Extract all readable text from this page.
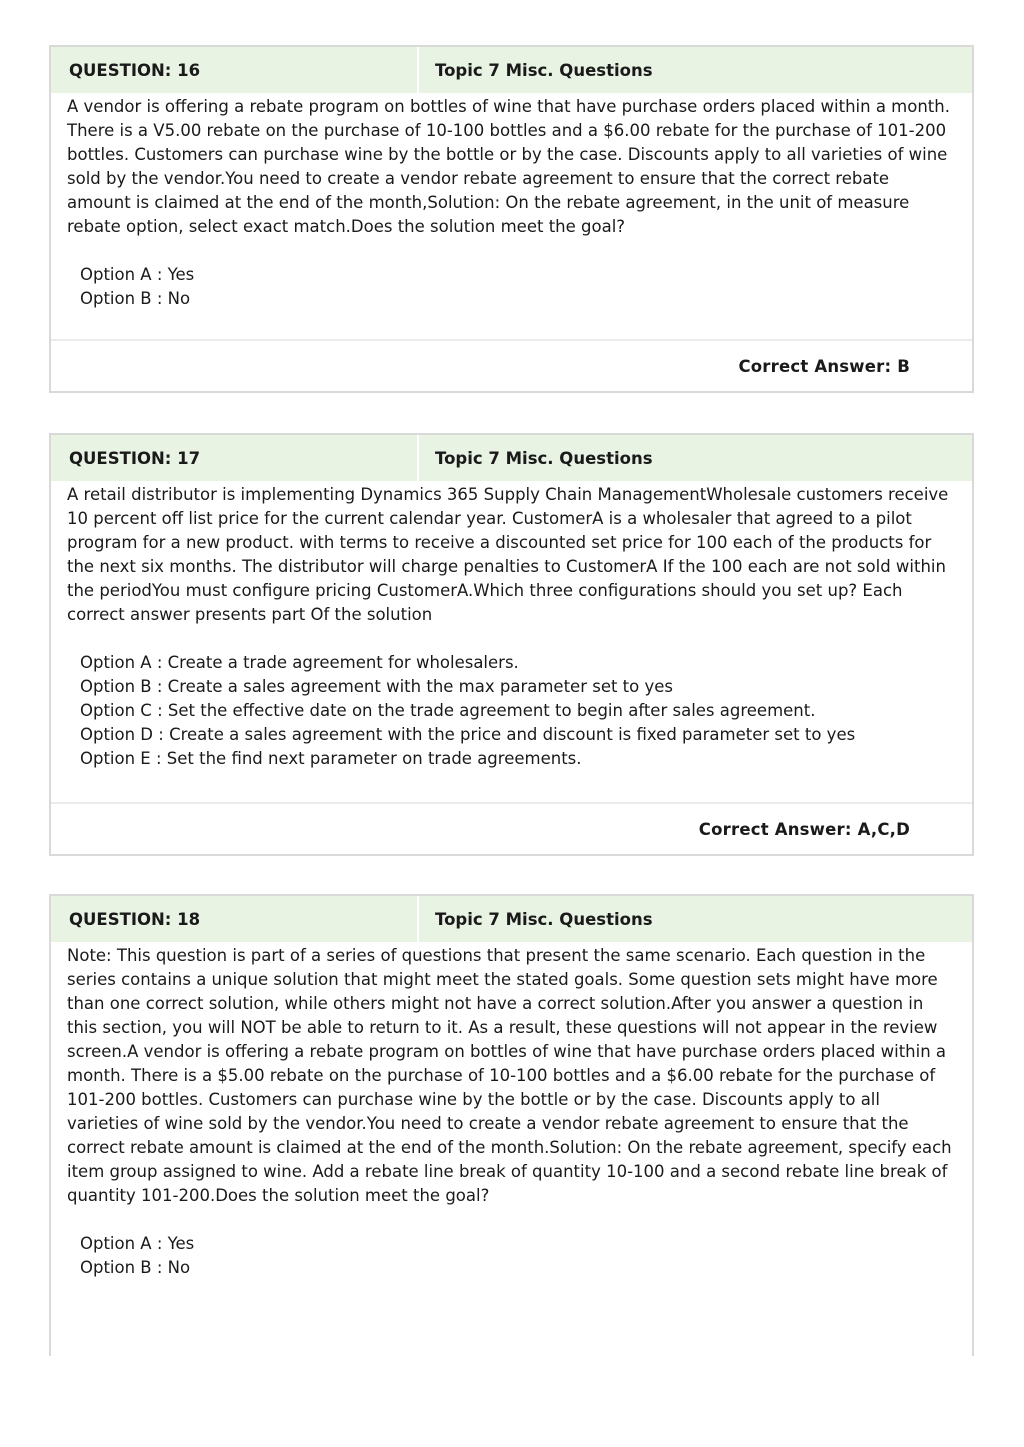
QUESTION: 16	Topic 7 Misc. Questions

A vendor is offering a rebate program on bottles of wine that have purchase orders placed within a month. There is a V5.00 rebate on the purchase of 10-100 bottles and a $6.00 rebate for the purchase of 101-200 bottles. Customers can purchase wine by the bottle or by the case. Discounts apply to all varieties of wine sold by the vendor.You need to create a vendor rebate agreement to ensure that the correct rebate amount is claimed at the end of the month,Solution: On the rebate agreement, in the unit of measure rebate option, select exact match.Does the solution meet the goal?

Option A : Yes
Option B : No
Correct Answer: B
QUESTION: 17	Topic 7 Misc. Questions

A retail distributor is implementing Dynamics 365 Supply Chain ManagementWholesale customers receive 10 percent off list price for the current calendar year. CustomerA is a wholesaler that agreed to a pilot program for a new product. with terms to receive a discounted set price for 100 each of the products for the next six months. The distributor will charge penalties to CustomerA If the 100 each are not sold within the periodYou must configure pricing CustomerA.Which three configurations should you set up? Each correct answer presents part Of the solution

Option A : Create a trade agreement for wholesalers.
Option B : Create a sales agreement with the max parameter set to yes
Option C : Set the effective date on the trade agreement to begin after sales agreement.
Option D : Create a sales agreement with the price and discount is fixed parameter set to yes
Option E : Set the find next parameter on trade agreements.
Correct Answer: A,C,D
QUESTION: 18	Topic 7 Misc. Questions

Note: This question is part of a series of questions that present the same scenario. Each question in the series contains a unique solution that might meet the stated goals. Some question sets might have more than one correct solution, while others might not have a correct solution.After you answer a question in this section, you will NOT be able to return to it. As a result, these questions will not appear in the review screen.A vendor is offering a rebate program on bottles of wine that have purchase orders placed within a month. There is a $5.00 rebate on the purchase of 10-100 bottles and a $6.00 rebate for the purchase of 101-200 bottles. Customers can purchase wine by the bottle or by the case. Discounts apply to all varieties of wine sold by the vendor.You need to create a vendor rebate agreement to ensure that the correct rebate amount is claimed at the end of the month.Solution: On the rebate agreement, specify each item group assigned to wine. Add a rebate line break of quantity 10-100 and a second rebate line break of quantity 101-200.Does the solution meet the goal?

Option A : Yes
Option B : No
